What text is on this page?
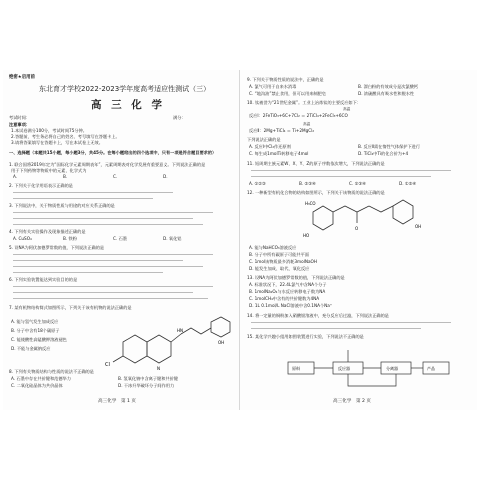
绝密★启用前
东北育才学校2022-2023学年度高考适应性测试（三）
高 三 化 学
考试时间：	满分：
注意事项：
1.本试卷满分100分，考试时间75分钟。
2.答题前，考生务必将自己的姓名、考号填写在答题卡上。
3.请将答案填写在答题卡上，写在本试卷上无效。
一、选择题（本题共15小题，每小题3分，共45分。在每小题给出的四个选项中，只有一项是符合题目要求的）
1. 联合国将2019年定为“国际化学元素周期表年”，元素周期表对化学发展有重要意义。下列说法正确的是
用于下列药物等物质中的元素，化学式为
A.	B.	C.	D.
2. 下列关于化学用语表示正确的是
3. 下列说法中，关于物质性质与用途的对应关系正确的是
4. 下列有关实验操作及现象描述正确的是
A. CuSO₄	B. 铁粉	C. 石墨	D. 氧化铝
5. 设NA为阿伏加德罗常数的值，下列说法正确的是
6. 下列实验装置能达到实验目的的是
7. 某有机物结构简式如图所示，下列关于该有机物的说法正确的是
Cl
HN
N
OH
A. 能与氢气发生加成反应
B. 分子中含有18个碳原子
C. 能使酸性高锰酸钾溶液褪色
D. 不能与金属钠反应
8. 下列有关物质结构与性质的说法不正确的是
A. 石墨中存在共价键和范德华力	B. 氢氧化钠中含离子键和共价键
C. 二氧化硅晶体为共价晶体	D. 干冰升华破坏分子间作用力
高三化学　第 1 页
9. 下列关于物质性质的说法中，正确的是
A. 氯气可用于自来水消毒	B. 漂白粉的有效成分是次氯酸钙
C. “地沟油”禁止食用，但可以用来制肥皂	D. 浓硫酸具有吸水性和脱水性
10. 钛被誉为“21世纪金属”。工业上冶炼钛的主要反应如下：
高温
反应Ⅰ：2FeTiO₃+6C+7Cl₂ ＝ 2TiCl₄+2FeCl₃+6CO
高温
反应Ⅱ：2Mg+TiCl₄ ＝ Ti+2MgCl₂
下列说法正确的是
A. 反应Ⅰ中Cl₂作还原剂	B. 反应Ⅱ需在惰性气体保护下进行
C. 每生成1molTi转移电子4mol	D. TiCl₄中Ti的化合价为+4
11. 短周期主族元素W、X、Y、Z的原子序数依次增大，下列说法正确的是
A. ①②③	B. ②③④	C. ①③④	D. ①②④
12. 一种新型有机化合物的结构如图所示，下列关于该物质的说法正确的是
HO
O	OH
H₃CO
A. 能与NaHCO₃溶液反应
B. 分子中所有碳原子可能共平面
C. 1mol该物质最多消耗3molNaOH
D. 能发生加成、取代、氧化反应
13. 设NA为阿伏加德罗常数的值，下列说法正确的是
A. 标准状况下，22.4L氯气中含NA个分子
B. 1molNa₂O₂与水反应转移电子数为NA
C. 1molCH₄中含有的共价键数为4NA
D. 1L 0.1mol/L NaCl溶液中含0.1NA个Na⁺
14. 将一定量的铜粉加入硝酸银溶液中，充分反应后过滤，下列说法正确的是
15. 某化学兴趣小组用如图装置进行实验，下列说法不正确的是
原料	反应器	分离器	产品
高三化学　第 2 页
